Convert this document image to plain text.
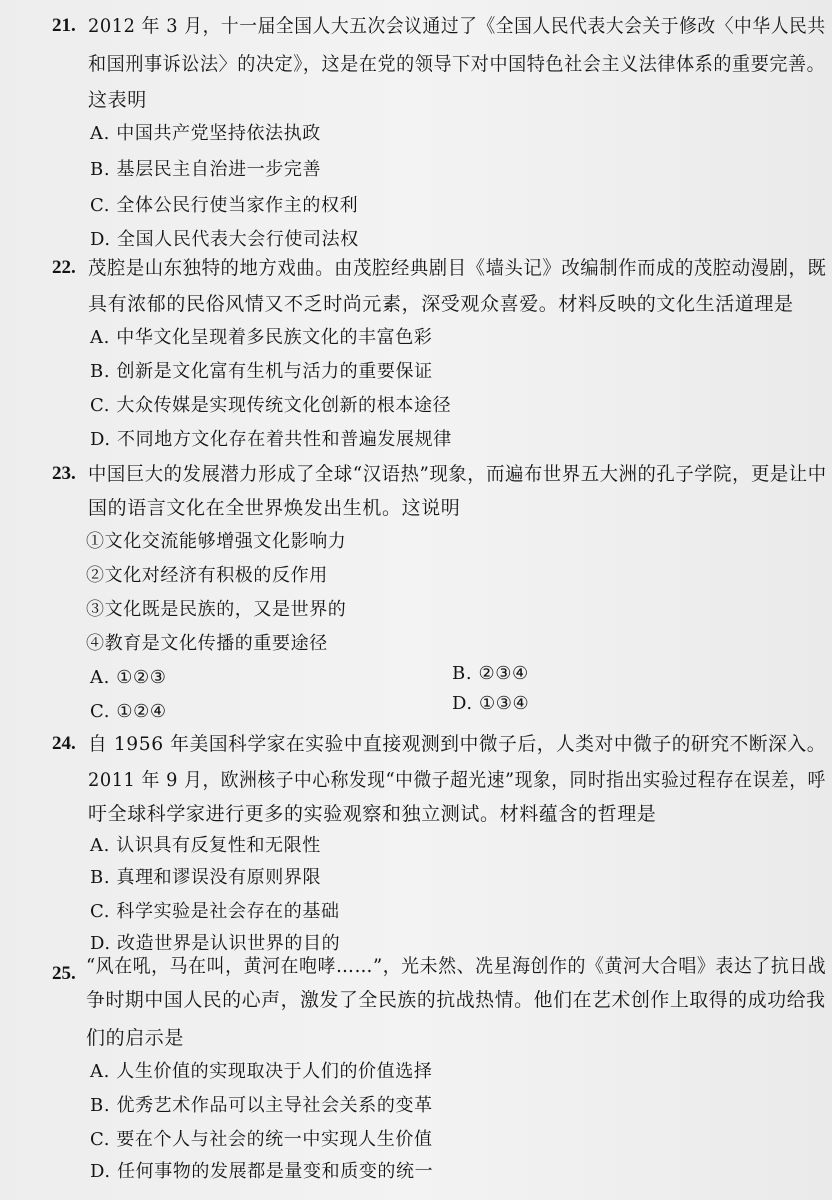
21. 2012 年 3 月，十一届全国人大五次会议通过了《全国人民代表大会关于修改〈中华人民共
和国刑事诉讼法〉的决定》，这是在党的领导下对中国特色社会主义法律体系的重要完善。
这表明
A. 中国共产党坚持依法执政
B. 基层民主自治进一步完善
C. 全体公民行使当家作主的权利
D. 全国人民代表大会行使司法权
22. 茂腔是山东独特的地方戏曲。由茂腔经典剧目《墙头记》改编制作而成的茂腔动漫剧，既
具有浓郁的民俗风情又不乏时尚元素，深受观众喜爱。材料反映的文化生活道理是
A. 中华文化呈现着多民族文化的丰富色彩
B. 创新是文化富有生机与活力的重要保证
C. 大众传媒是实现传统文化创新的根本途径
D. 不同地方文化存在着共性和普遍发展规律
23. 中国巨大的发展潜力形成了全球“汉语热”现象，而遍布世界五大洲的孔子学院，更是让中
国的语言文化在全世界焕发出生机。这说明
①文化交流能够增强文化影响力
②文化对经济有积极的反作用
③文化既是民族的，又是世界的
④教育是文化传播的重要途径
A. ①②③	B. ②③④
C. ①②④	D. ①③④
24. 自 1956 年美国科学家在实验中直接观测到中微子后，人类对中微子的研究不断深入。
2011 年 9 月，欧洲核子中心称发现“中微子超光速”现象，同时指出实验过程存在误差，呼
吁全球科学家进行更多的实验观察和独立测试。材料蕴含的哲理是
A. 认识具有反复性和无限性
B. 真理和谬误没有原则界限
C. 科学实验是社会存在的基础
D. 改造世界是认识世界的目的
25. “风在吼，马在叫，黄河在咆哮……”，光未然、冼星海创作的《黄河大合唱》表达了抗日战
争时期中国人民的心声，激发了全民族的抗战热情。他们在艺术创作上取得的成功给我
们的启示是
A. 人生价值的实现取决于人们的价值选择
B. 优秀艺术作品可以主导社会关系的变革
C. 要在个人与社会的统一中实现人生价值
D. 任何事物的发展都是量变和质变的统一
